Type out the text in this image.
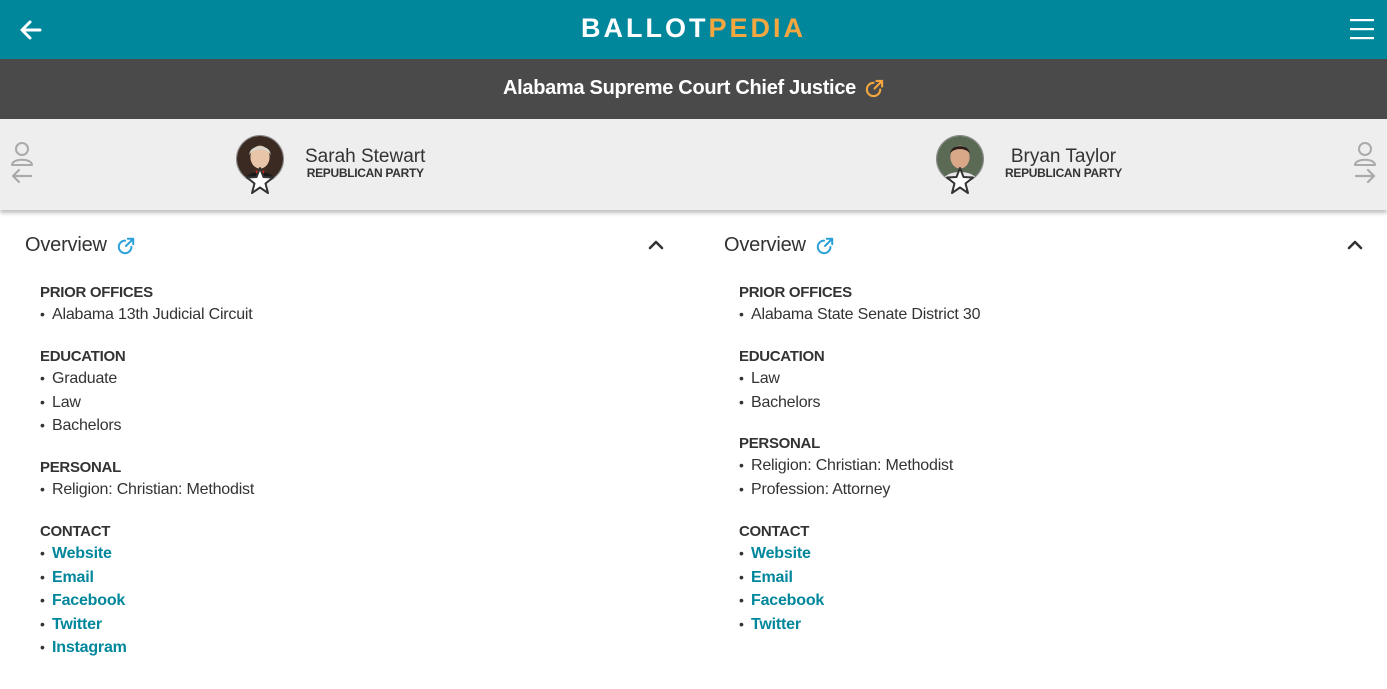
BALLOTPEDIA
Alabama Supreme Court Chief Justice
Sarah Stewart
REPUBLICAN PARTY
Bryan Taylor
REPUBLICAN PARTY
Overview
PRIOR OFFICES
• Alabama 13th Judicial Circuit
EDUCATION
• Graduate
• Law
• Bachelors
PERSONAL
• Religion: Christian: Methodist
CONTACT
• Website
• Email
• Facebook
• Twitter
• Instagram
Overview
PRIOR OFFICES
• Alabama State Senate District 30
EDUCATION
• Law
• Bachelors
PERSONAL
• Religion: Christian: Methodist
• Profession: Attorney
CONTACT
• Website
• Email
• Facebook
• Twitter
